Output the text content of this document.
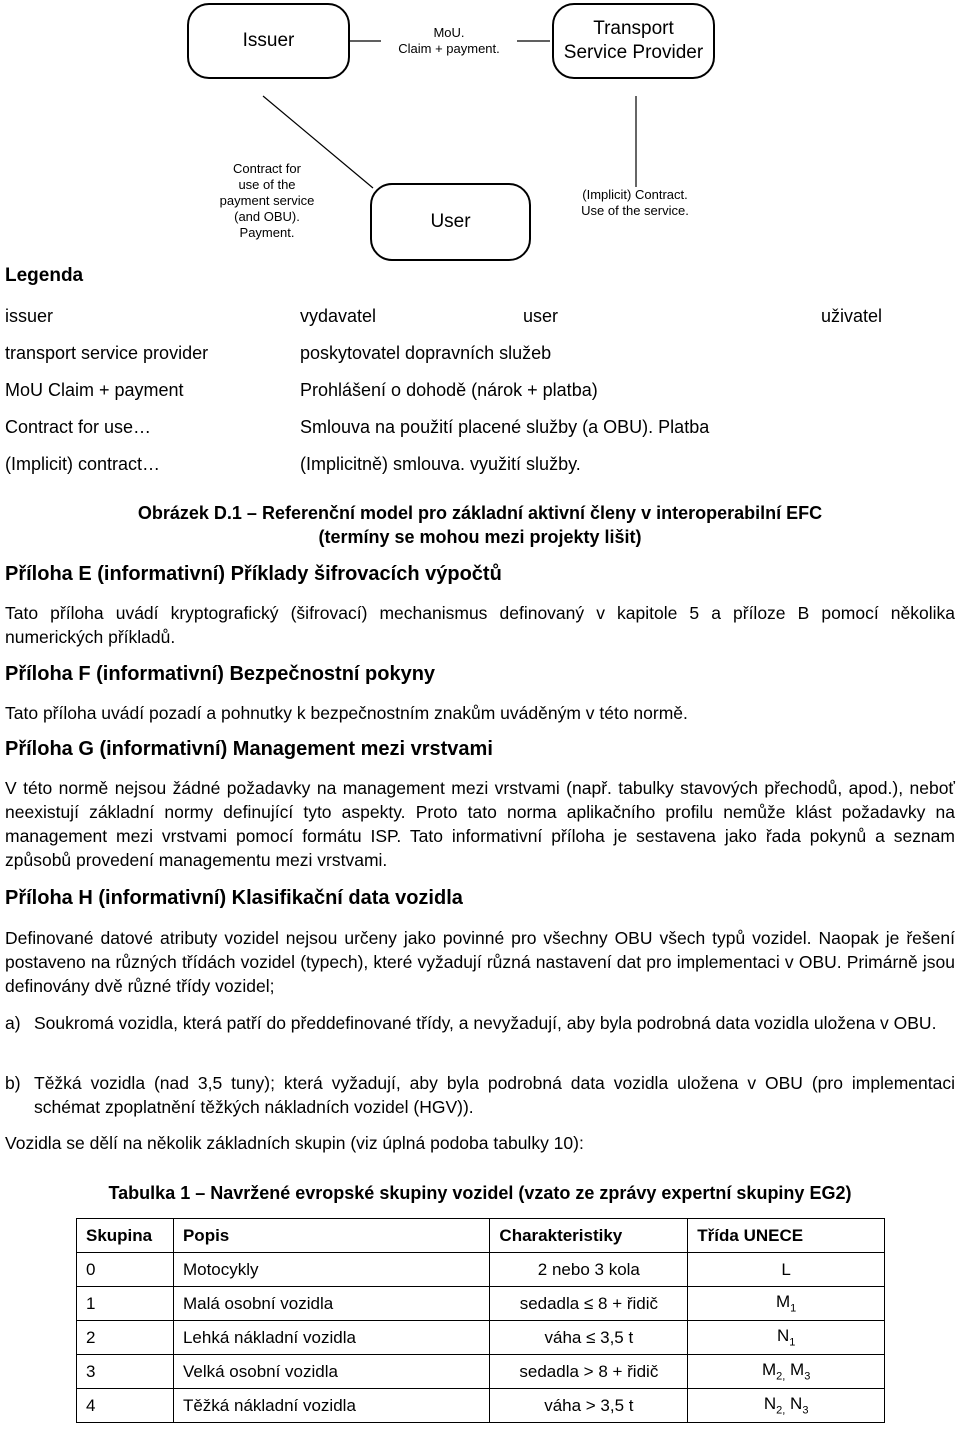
Issuer
Transport
Service Provider
User
MoU.
Claim + payment.
Contract for
use of the
payment service
(and OBU).
Payment.
(Implicit) Contract.
Use of the service.
Legenda
issuer	vydavatel	user	uživatel
transport service provider	poskytovatel dopravních služeb
MoU Claim + payment	Prohlášení o dohodě (nárok + platba)
Contract for use…	Smlouva na použití placené služby (a OBU). Platba
(Implicit) contract…	(Implicitně) smlouva. využití služby.
Obrázek D.1 – Referenční model pro základní aktivní členy v interoperabilní EFC
(termíny se mohou mezi projekty lišit)
Příloha E (informativní) Příklady šifrovacích výpočtů
Tato příloha uvádí kryptografický (šifrovací) mechanismus definovaný v kapitole 5 a příloze B pomocí několika numerických příkladů.
Příloha F (informativní) Bezpečnostní pokyny
Tato příloha uvádí pozadí a pohnutky k bezpečnostním znakům uváděným v této normě.
Příloha G (informativní) Management mezi vrstvami
V této normě nejsou žádné požadavky na management mezi vrstvami (např. tabulky stavových přechodů, apod.), neboť neexistují základní normy definující tyto aspekty. Proto tato norma aplikačního profilu nemůže klást požadavky na management mezi vrstvami pomocí formátu ISP. Tato informativní příloha je sestavena jako řada pokynů a seznam způsobů provedení managementu mezi vrstvami.
Příloha H (informativní) Klasifikační data vozidla
Definované datové atributy vozidel nejsou určeny jako povinné pro všechny OBU všech typů vozidel. Naopak je řešení postaveno na různých třídách vozidel (typech), které vyžadují různá nastavení dat pro implementaci v OBU. Primárně jsou definovány dvě různé třídy vozidel;
a) Soukromá vozidla, která patří do předdefinované třídy, a nevyžadují, aby byla podrobná data vozidla uložena v OBU.
b) Těžká vozidla (nad 3,5 tuny); která vyžadují, aby byla podrobná data vozidla uložena v OBU (pro implementaci schémat zpoplatnění těžkých nákladních vozidel (HGV)).
Vozidla se dělí na několik základních skupin (viz úplná podoba tabulky 10):
Tabulka 1 – Navržené evropské skupiny vozidel (vzato ze zprávy expertní skupiny EG2)
Skupina	Popis	Charakteristiky	Třída UNECE
0	Motocykly	2 nebo 3 kola	L
1	Malá osobní vozidla	sedadla ≤ 8 + řidič	$M_1$
2	Lehká nákladní vozidla	váha ≤ 3,5 t	$N_1$
3	Velká osobní vozidla	sedadla > 8 + řidič	$M_{2,}$ $M_3$
4	Těžká nákladní vozidla	váha > 3,5 t	$N_{2,}$ $N_3$
